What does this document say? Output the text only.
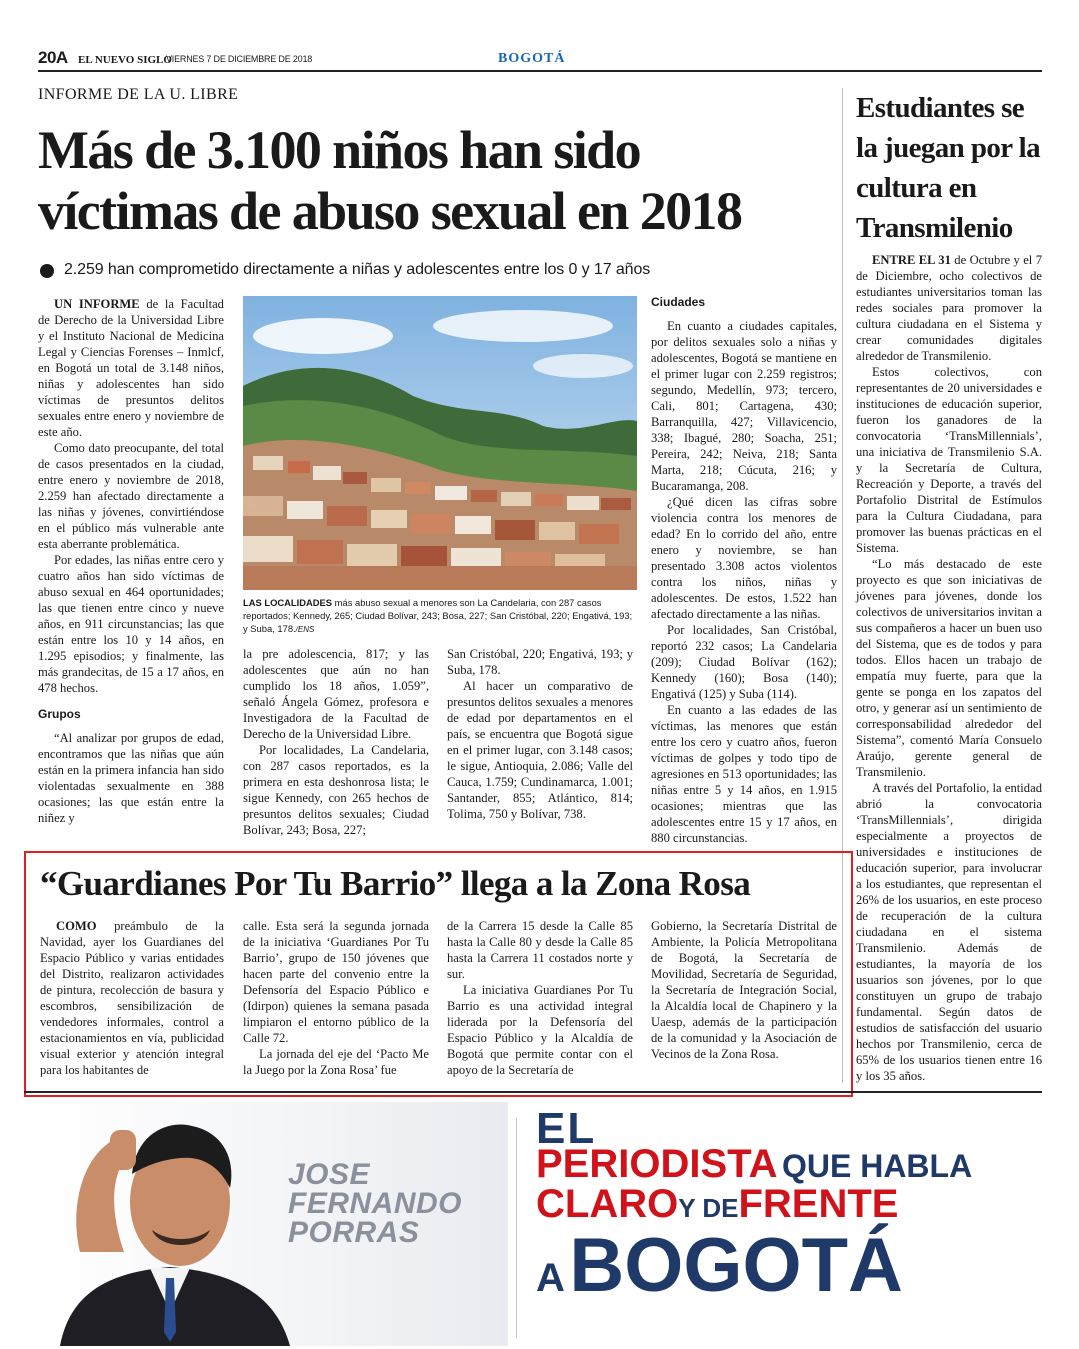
20A EL NUEVO SIGLO
VIERNES 7 DE DICIEMBRE DE 2018	BOGOTÁ
INFORME DE LA U. LIBRE
Más de 3.100 niños han sido
víctimas de abuso sexual en 2018
2.259 han comprometido directamente a niñas y adolescentes entre los 0 y 17 años

UN INFORME de la Facultad de Derecho de la Universidad Libre y el Instituto Nacional de Medicina Legal y Ciencias Forenses – Inmlcf, en Bogotá un total de 3.148 niños, niñas y adolescentes han sido víctimas de presuntos delitos sexuales entre enero y noviembre de este año.

Como dato preocupante, del total de casos presentados en la ciudad, entre enero y noviembre de 2018, 2.259 han afectado directamente a las niñas y jóvenes, convirtiéndose en el público más vulnerable ante esta aberrante problemática.

Por edades, las niñas entre cero y cuatro años han sido víctimas de abuso sexual en 464 oportunidades; las que tienen entre cinco y nueve años, en 911 circunstancias; las que están entre los 10 y 14 años, en 1.295 episodios; y finalmente, las más grandecitas, de 15 a 17 años, en 478 hechos.

Grupos

“Al analizar por grupos de edad, encontramos que las niñas que aún están en la primera infancia han sido violentadas sexualmente en 388 ocasiones; las que están entre la niñez y

LAS LOCALIDADES más abuso sexual a menores son La Candelaria, con 287 casos reportados; Kennedy, 265; Ciudad Bolívar, 243; Bosa, 227; San Cristóbal, 220; Engativá, 193; y Suba, 178./ENS

la pre adolescencia, 817; y las adolescentes que aún no han cumplido los 18 años, 1.059”, señaló Ángela Gómez, profesora e Investigadora de la Facultad de Derecho de la Universidad Libre.

Por localidades, La Candelaria, con 287 casos reportados, es la primera en esta deshonrosa lista; le sigue Kennedy, con 265 hechos de presuntos delitos sexuales; Ciudad Bolívar, 243; Bosa, 227;

San Cristóbal, 220; Engativá, 193; y Suba, 178.

Al hacer un comparativo de presuntos delitos sexuales a menores de edad por departamentos en el país, se encuentra que Bogotá sigue en el primer lugar, con 3.148 casos; le sigue, Antioquia, 2.086; Valle del Cauca, 1.759; Cundinamarca, 1.001; Santander, 855; Atlántico, 814; Tolima, 750 y Bolívar, 738.

Ciudades

En cuanto a ciudades capitales, por delitos sexuales solo a niñas y adolescentes, Bogotá se mantiene en el primer lugar con 2.259 registros; segundo, Medellín, 973; tercero, Cali, 801; Cartagena, 430; Barranquilla, 427; Villavicencio, 338; Ibagué, 280; Soacha, 251; Pereira, 242; Neiva, 218; Santa Marta, 218; Cúcuta, 216; y Bucaramanga, 208.

¿Qué dicen las cifras sobre violencia contra los menores de edad? En lo corrido del año, entre enero y noviembre, se han presentado 3.308 actos violentos contra los niños, niñas y adolescentes. De estos, 1.522 han afectado directamente a las niñas.

Por localidades, San Cristóbal, reportó 232 casos; La Candelaria (209); Ciudad Bolívar (162); Kennedy (160); Bosa (140); Engativá (125) y Suba (114).

En cuanto a las edades de las víctimas, las menores que están entre los cero y cuatro años, fueron víctimas de golpes y todo tipo de agresiones en 513 oportunidades; las niñas entre 5 y 14 años, en 1.915 ocasiones; mientras que las adolescentes entre 15 y 17 años, en 880 circunstancias.

Estudiantes se la juegan por la cultura en Transmilenio

ENTRE EL 31 de Octubre y el 7 de Diciembre, ocho colectivos de estudiantes universitarios toman las redes sociales para promover la cultura ciudadana en el Sistema y crear comunidades digitales alrededor de Transmilenio.

Estos colectivos, con representantes de 20 universidades e instituciones de educación superior, fueron los ganadores de la convocatoria ‘TransMillennials’, una iniciativa de Transmilenio S.A. y la Secretaría de Cultura, Recreación y Deporte, a través del Portafolio Distrital de Estímulos para la Cultura Ciudadana, para promover las buenas prácticas en el Sistema.

“Lo más destacado de este proyecto es que son iniciativas de jóvenes para jóvenes, donde los colectivos de universitarios invitan a sus compañeros a hacer un buen uso del Sistema, que es de todos y para todos. Ellos hacen un trabajo de empatía muy fuerte, para que la gente se ponga en los zapatos del otro, y generar así un sentimiento de corresponsabilidad alrededor del Sistema”, comentó María Consuelo Araújo, gerente general de Transmilenio.

A través del Portafolio, la entidad abrió la convocatoria ‘TransMillennials’, dirigida especialmente a proyectos de universidades e instituciones de educación superior, para involucrar a los estudiantes, que representan el 26% de los usuarios, en este proceso de recuperación de la cultura ciudadana en el sistema Transmilenio. Además de estudiantes, la mayoría de los usuarios son jóvenes, por lo que constituyen un grupo de trabajo fundamental. Según datos de estudios de satisfacción del usuario hechos por Transmilenio, cerca de 65% de los usuarios tienen entre 16 y los 35 años.

“Guardianes Por Tu Barrio” llega a la Zona Rosa

COMO preámbulo de la Navidad, ayer los Guardianes del Espacio Público y varias entidades del Distrito, realizaron actividades de pintura, recolección de basura y escombros, sensibilización de vendedores informales, control a estacionamientos en vía, publicidad visual exterior y atención integral para los habitantes de

calle. Esta será la segunda jornada de la iniciativa ‘Guardianes Por Tu Barrio’, grupo de 150 jóvenes que hacen parte del convenio entre la Defensoría del Espacio Público e (Idirpon) quienes la semana pasada limpiaron el entorno público de la Calle 72.

La jornada del eje del ‘Pacto Me la Juego por la Zona Rosa’ fue

de la Carrera 15 desde la Calle 85 hasta la Calle 80 y desde la Calle 85 hasta la Carrera 11 costados norte y sur.

La iniciativa Guardianes Por Tu Barrio es una actividad integral liderada por la Defensoría del Espacio Público y la Alcaldía de Bogotá que permite contar con el apoyo de la Secretaría de

Gobierno, la Secretaría Distrital de Ambiente, la Policía Metropolitana de Bogotá, la Secretaría de Movilidad, Secretaría de Seguridad, la Secretaría de Integración Social, la Alcaldía local de Chapinero y la Uaesp, además de la participación de la comunidad y la Asociación de Vecinos de la Zona Rosa.

JOSE
FERNANDO
PORRAS
EL
PERIODISTA QUE HABLA
CLAROY DEFRENTE
A BOGOTÁ
